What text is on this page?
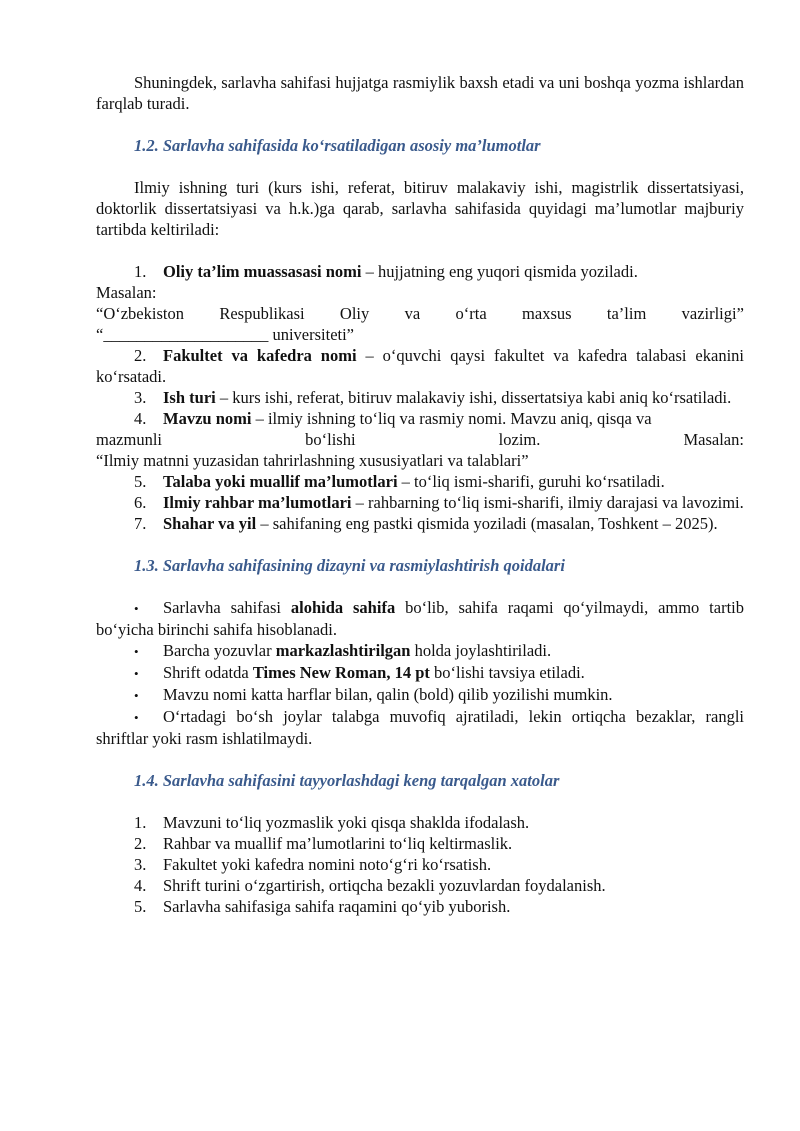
Shuningdek, sarlavha sahifasi hujjatga rasmiylik baxsh etadi va uni boshqa yozma ishlardan farqlab turadi.

1.2. Sarlavha sahifasida ko‘rsatiladigan asosiy ma’lumotlar

Ilmiy ishning turi (kurs ishi, referat, bitiruv malakaviy ishi, magistrlik dissertatsiyasi, doktorlik dissertatsiyasi va h.k.)ga qarab, sarlavha sahifasida quyidagi ma’lumotlar majburiy tartibda keltiriladi:

1. Oliy ta’lim muassasasi nomi – hujjatning eng yuqori qismida yoziladi.

Masalan:

“O‘zbekiston Respublikasi Oliy va o‘rta maxsus ta’lim vazirligi”

“____________________ universiteti”

2. Fakultet va kafedra nomi – o‘quvchi qaysi fakultet va kafedra talabasi ekanini ko‘rsatadi.
3. Ish turi – kurs ishi, referat, bitiruv malakaviy ishi, dissertatsiya kabi aniq ko‘rsatiladi.
4. Mavzu nomi – ilmiy ishning to‘liq va rasmiy nomi. Mavzu aniq, qisqa va
mazmunli	bo‘lishi	lozim.	Masalan:

“Ilmiy matnni yuzasidan tahrirlashning xususiyatlari va talablari”

5. Talaba yoki muallif ma’lumotlari – to‘liq ismi-sharifi, guruhi ko‘rsatiladi.
6. Ilmiy rahbar ma’lumotlari – rahbarning to‘liq ismi-sharifi, ilmiy darajasi va lavozimi.
7. Shahar va yil – sahifaning eng pastki qismida yoziladi (masalan, Toshkent – 2025).

1.3. Sarlavha sahifasining dizayni va rasmiylashtirish qoidalari

• Sarlavha sahifasi alohida sahifa bo‘lib, sahifa raqami qo‘yilmaydi, ammo tartib bo‘yicha birinchi sahifa hisoblanadi.
• Barcha yozuvlar markazlashtirilgan holda joylashtiriladi.
• Shrift odatda Times New Roman, 14 pt bo‘lishi tavsiya etiladi.
• Mavzu nomi katta harflar bilan, qalin (bold) qilib yozilishi mumkin.
• O‘rtadagi bo‘sh joylar talabga muvofiq ajratiladi, lekin ortiqcha bezaklar, rangli shriftlar yoki rasm ishlatilmaydi.

1.4. Sarlavha sahifasini tayyorlashdagi keng tarqalgan xatolar

1. Mavzuni to‘liq yozmaslik yoki qisqa shaklda ifodalash.
2. Rahbar va muallif ma’lumotlarini to‘liq keltirmaslik.
3. Fakultet yoki kafedra nomini noto‘g‘ri ko‘rsatish.
4. Shrift turini o‘zgartirish, ortiqcha bezakli yozuvlardan foydalanish.
5. Sarlavha sahifasiga sahifa raqamini qo‘yib yuborish.
